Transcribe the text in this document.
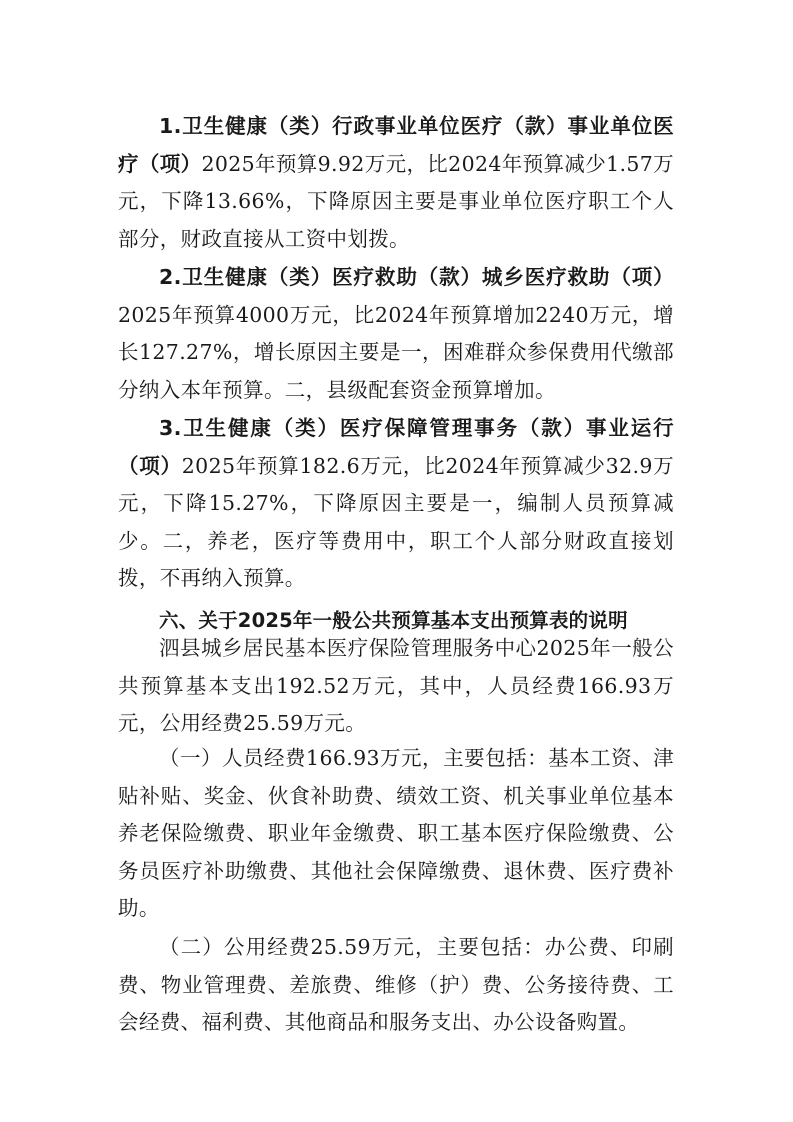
1.卫生健康（类）行政事业单位医疗（款）事业单位医疗（项）2025年预算9.92万元，比2024年预算减少1.57万元，下降13.66%，下降原因主要是事业单位医疗职工个人部分，财政直接从工资中划拨。

2.卫生健康（类）医疗救助（款）城乡医疗救助（项）2025年预算4000万元，比2024年预算增加2240万元，增长127.27%，增长原因主要是一，困难群众参保费用代缴部分纳入本年预算。二，县级配套资金预算增加。

3.卫生健康（类）医疗保障管理事务（款）事业运行（项）2025年预算182.6万元，比2024年预算减少32.9万元，下降15.27%，下降原因主要是一，编制人员预算减少。二，养老，医疗等费用中，职工个人部分财政直接划拨，不再纳入预算。

六、关于2025年一般公共预算基本支出预算表的说明

泗县城乡居民基本医疗保险管理服务中心2025年一般公共预算基本支出192.52万元，其中，人员经费166.93万元，公用经费25.59万元。

（一）人员经费166.93万元，主要包括：基本工资、津贴补贴、奖金、伙食补助费、绩效工资、机关事业单位基本养老保险缴费、职业年金缴费、职工基本医疗保险缴费、公务员医疗补助缴费、其他社会保障缴费、退休费、医疗费补助。

（二）公用经费25.59万元，主要包括：办公费、印刷费、物业管理费、差旅费、维修（护）费、公务接待费、工会经费、福利费、其他商品和服务支出、办公设备购置。
